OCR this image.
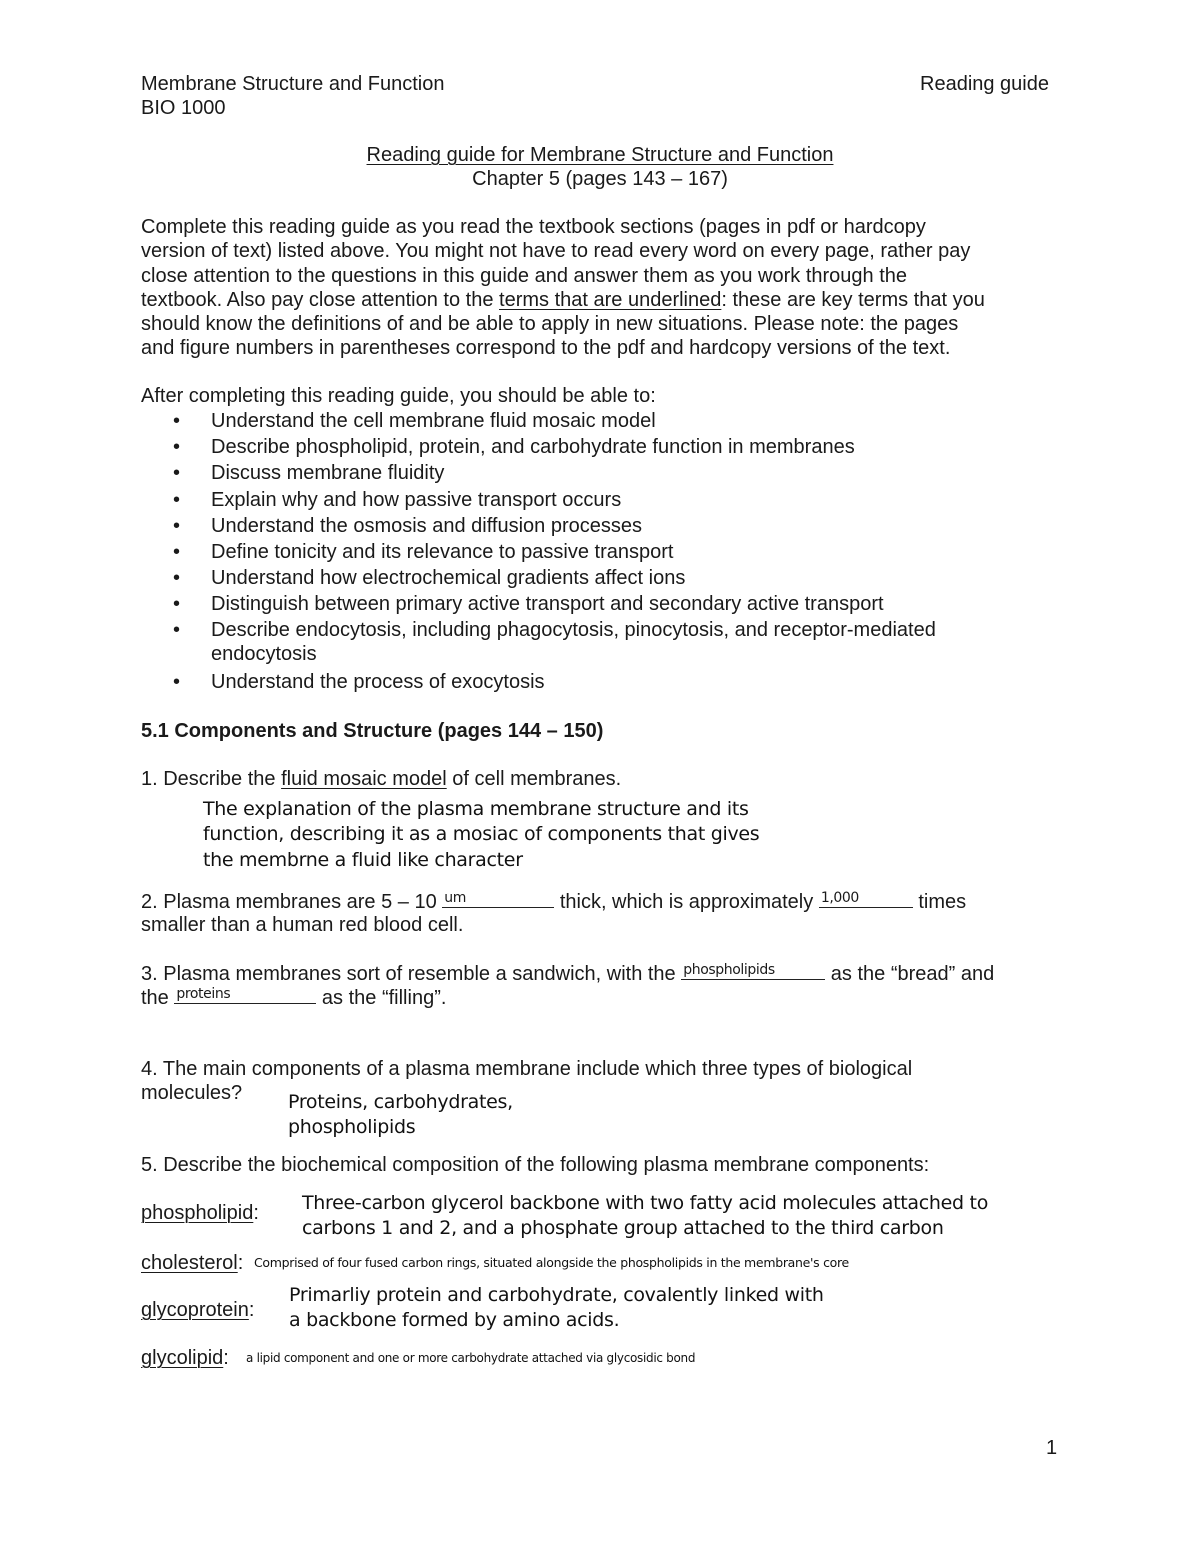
Membrane Structure and Function
BIO 1000
Reading guide
Reading guide for Membrane Structure and Function
Chapter 5 (pages 143 – 167)
Complete this reading guide as you read the textbook sections (pages in pdf or hardcopy
version of text) listed above. You might not have to read every word on every page, rather pay
close attention to the questions in this guide and answer them as you work through the
textbook. Also pay close attention to the terms that are underlined: these are key terms that you
should know the definitions of and be able to apply in new situations. Please note: the pages
and figure numbers in parentheses correspond to the pdf and hardcopy versions of the text.
After completing this reading guide, you should be able to:
• Understand the cell membrane fluid mosaic model
• Describe phospholipid, protein, and carbohydrate function in membranes
• Discuss membrane fluidity
• Explain why and how passive transport occurs
• Understand the osmosis and diffusion processes
• Define tonicity and its relevance to passive transport
• Understand how electrochemical gradients affect ions
• Distinguish between primary active transport and secondary active transport
• Describe endocytosis, including phagocytosis, pinocytosis, and receptor-mediated
endocytosis
• Understand the process of exocytosis
5.1 Components and Structure (pages 144 – 150)
1. Describe the fluid mosaic model of cell membranes.
The explanation of the plasma membrane structure and its
function, describing it as a mosiac of components that gives
the membrne a fluid like character
2. Plasma membranes are 5 – 10 um	thick, which is approximately 1,000	times
smaller than a human red blood cell.
3. Plasma membranes sort of resemble a sandwich, with the phospholipids	as the “bread” and
the proteins	as the “filling”.
4. The main components of a plasma membrane include which three types of biological
molecules? Proteins, carbohydrates,
phospholipids
5. Describe the biochemical composition of the following plasma membrane components:
phospholipid: Three-carbon glycerol backbone with two fatty acid molecules attached to
carbons 1 and 2, and a phosphate group attached to the third carbon
cholesterol: Comprised of four fused carbon rings, situated alongside the phospholipids in the membrane's core
glycoprotein:
Primarliy protein and carbohydrate, covalently linked with
a backbone formed by amino acids.
glycolipid: a lipid component and one or more carbohydrate attached via glycosidic bond
1
